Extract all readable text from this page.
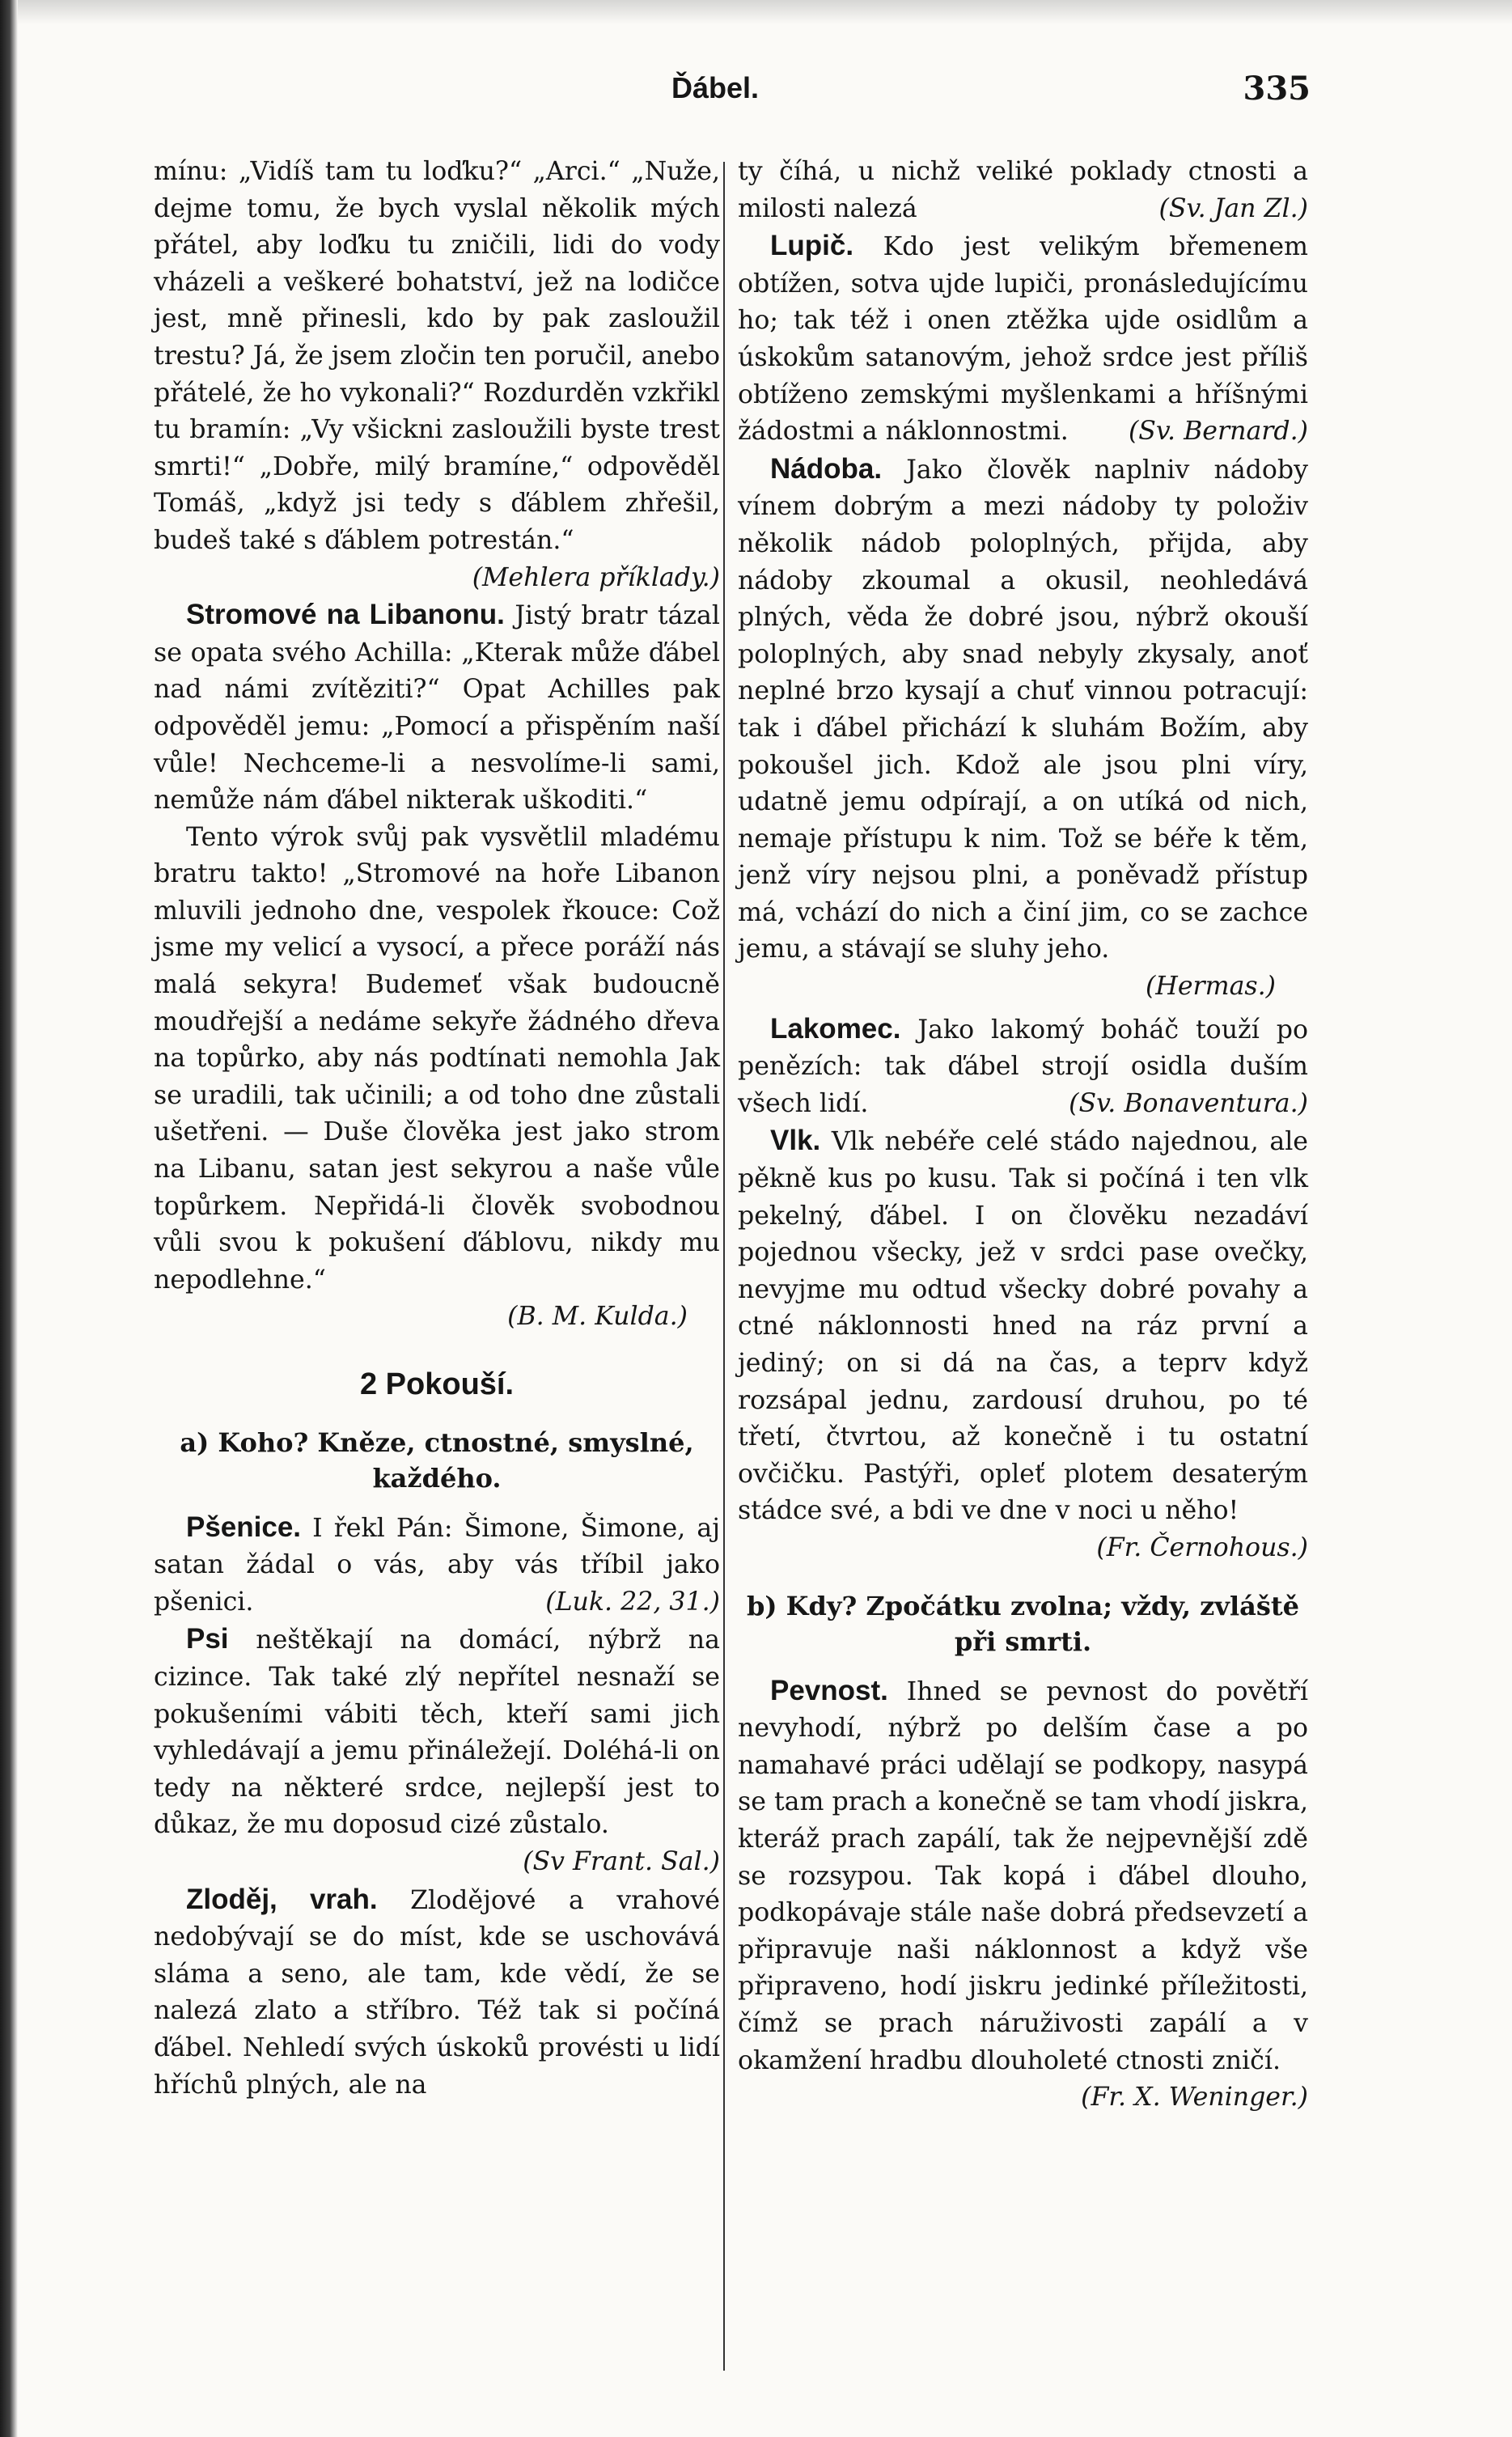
Ďábel.	335

mínu: „Vidíš tam tu loďku?“ „Arci.“ „Nuže, dejme tomu, že bych vyslal několik mých přátel, aby loďku tu zničili, lidi do vody vházeli a veškeré bohatství, jež na lodičce jest, mně přinesli, kdo by pak zasloužil trestu? Já, že jsem zločin ten poručil, anebo přátelé, že ho vykonali?“ Rozdurděn vzkřikl tu bramín: „Vy všickni zasloužili byste trest smrti!“ „Dobře, milý bramíne,“ odpověděl Tomáš, „když jsi tedy s ďáblem zhřešil, budeš také s ďáblem potrestán.“
(Mehlera příklady.)

Stromové na Libanonu. Jistý bratr tázal se opata svého Achilla: „Kterak může ďábel nad námi zvítěziti?“ Opat Achilles pak odpověděl jemu: „Pomocí a přispěním naší vůle! Nechceme-li a nesvolíme-li sami, nemůže nám ďábel nikterak uškoditi.“

Tento výrok svůj pak vysvětlil mladému bratru takto! „Stromové na hoře Libanon mluvili jednoho dne, vespolek řkouce: Což jsme my velicí a vysocí, a přece poráží nás malá sekyra! Budemeť však budoucně moudřejší a nedáme sekyře žádného dřeva na topůrko, aby nás podtínati nemohla Jak se uradili, tak učinili; a od toho dne zůstali ušetřeni. — Duše člověka jest jako strom na Libanu, satan jest sekyrou a naše vůle topůrkem. Nepřidá-li člověk svobodnou vůli svou k pokušení ďáblovu, nikdy mu nepodlehne.“

(B. M. Kulda.)
2 Pokouší.
a) Koho? Kněze, ctnostné, smyslné, každého.

Pšenice. I řekl Pán: Šimone, Šimone, aj satan žádal o vás, aby vás tříbil jako pšenici.	(Luk. 22, 31.)

Psi neštěkají na domácí, nýbrž na cizince. Tak také zlý nepřítel nesnaží se pokušeními vábiti těch, kteří sami jich vyhledávají a jemu přináležejí. Doléhá-li on tedy na některé srdce, nejlepší jest to důkaz, že mu doposud cizé zůstalo.
(Sv Frant. Sal.)

Zloděj, vrah. Zlodějové a vrahové nedobývají se do míst, kde se uschovává sláma a seno, ale tam, kde vědí, že se nalezá zlato a stříbro. Též tak si počíná ďábel. Nehledí svých úskoků provésti u lidí hříchů plných, ale na

ty číhá, u nichž veliké poklady ctnosti a milosti nalezá	(Sv. Jan Zl.)

Lupič. Kdo jest velikým břemenem obtížen, sotva ujde lupiči, pronásledujícímu ho; tak též i onen ztěžka ujde osidlům a úskokům satanovým, jehož srdce jest příliš obtíženo zemskými myšlenkami a hříšnými žádostmi a náklonnostmi.	(Sv. Bernard.)

Nádoba. Jako člověk naplniv nádoby vínem dobrým a mezi nádoby ty položiv několik nádob poloplných, přijda, aby nádoby zkoumal a okusil, neohledává plných, věda že dobré jsou, nýbrž okouší poloplných, aby snad nebyly zkysaly, anoť neplné brzo kysají a chuť vinnou potracují: tak i ďábel přichází k sluhám Božím, aby pokoušel jich. Kdož ale jsou plni víry, udatně jemu odpírají, a on utíká od nich, nemaje přístupu k nim. Tož se béře k těm, jenž víry nejsou plni, a poněvadž přístup má, vchází do nich a činí jim, co se zachce jemu, a stávají se sluhy jeho.

(Hermas.)

Lakomec. Jako lakomý boháč touží po penězích: tak ďábel strojí osidla duším všech lidí.	(Sv. Bonaventura.)

Vlk. Vlk nebéře celé stádo najednou, ale pěkně kus po kusu. Tak si počíná i ten vlk pekelný, ďábel. I on člověku nezadáví pojednou všecky, jež v srdci pase ovečky, nevyjme mu odtud všecky dobré povahy a ctné náklonnosti hned na ráz první a jediný; on si dá na čas, a teprv když rozsápal jednu, zardousí druhou, po té třetí, čtvrtou, až konečně i tu ostatní ovčičku. Pastýři, opleť plotem desaterým stádce své, a bdi ve dne v noci u něho!
(Fr. Černohous.)

b) Kdy? Zpočátku zvolna; vždy, zvláště při smrti.

Pevnost. Ihned se pevnost do povětří nevyhodí, nýbrž po delším čase a po namahavé práci udělají se podkopy, nasypá se tam prach a konečně se tam vhodí jiskra, kteráž prach zapálí, tak že nejpevnější zdě se rozsypou. Tak kopá i ďábel dlouho, podkopávaje stále naše dobrá předsevzetí a připravuje naši náklonnost a když vše připraveno, hodí jiskru jedinké příležitosti, čímž se prach náruživosti zapálí a v okamžení hradbu dlouholeté ctnosti zničí.
(Fr. X. Weninger.)
